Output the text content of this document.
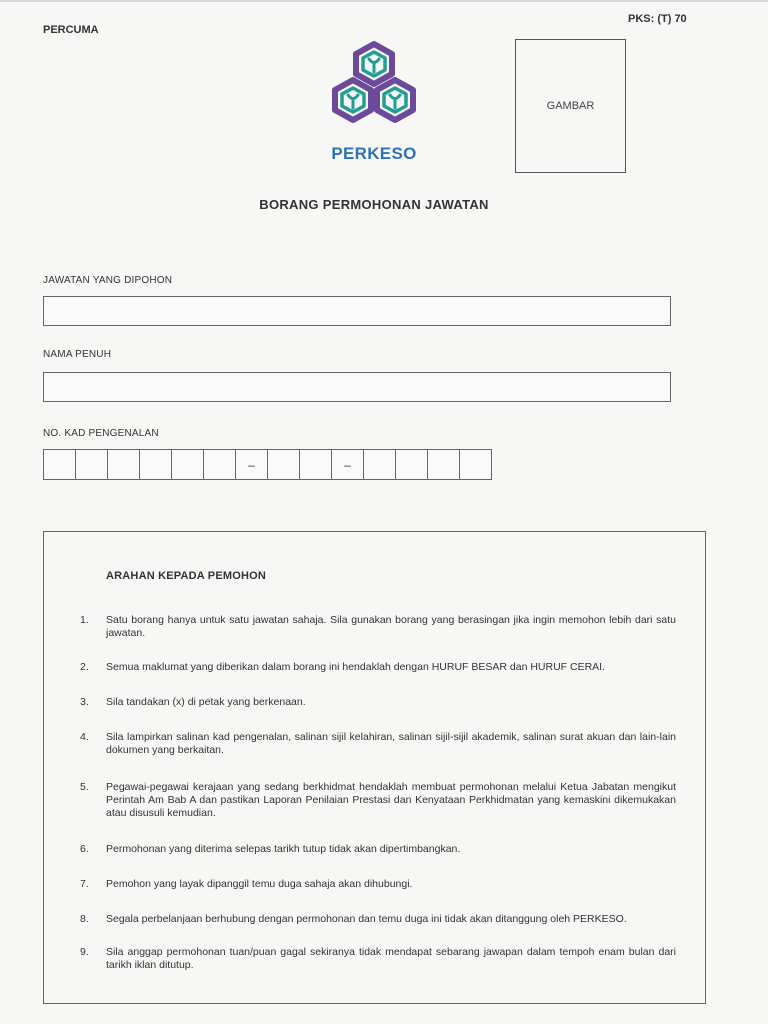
PERCUMA
PKS: (T) 70
PERKESO
GAMBAR
BORANG PERMOHONAN JAWATAN
JAWATAN YANG DIPOHON
NAMA PENUH
NO. KAD PENGENALAN
–	–
ARAHAN KEPADA PEMOHON
1. Satu borang hanya untuk satu jawatan sahaja. Sila gunakan borang yang berasingan jika ingin memohon lebih dari satu jawatan.
2. Semua maklumat yang diberikan dalam borang ini hendaklah dengan HURUF BESAR dan HURUF CERAI.
3. Sila tandakan (x) di petak yang berkenaan.
4. Sila lampirkan salinan kad pengenalan, salinan sijil kelahiran, salinan sijil-sijil akademik, salinan surat akuan dan lain-lain dokumen yang berkaitan.
5. Pegawai-pegawai kerajaan yang sedang berkhidmat hendaklah membuat permohonan melalui Ketua Jabatan mengikut Perintah Am Bab A dan pastikan Laporan Penilaian Prestasi dan Kenyataan Perkhidmatan yang kemaskini dikemukakan atau disusuli kemudian.
6. Permohonan yang diterima selepas tarikh tutup tidak akan dipertimbangkan.
7. Pemohon yang layak dipanggil temu duga sahaja akan dihubungi.
8. Segala perbelanjaan berhubung dengan permohonan dan temu duga ini tidak akan ditanggung oleh PERKESO.
9. Sila anggap permohonan tuan/puan gagal sekiranya tidak mendapat sebarang jawapan dalam tempoh enam bulan dari tarikh iklan ditutup.
